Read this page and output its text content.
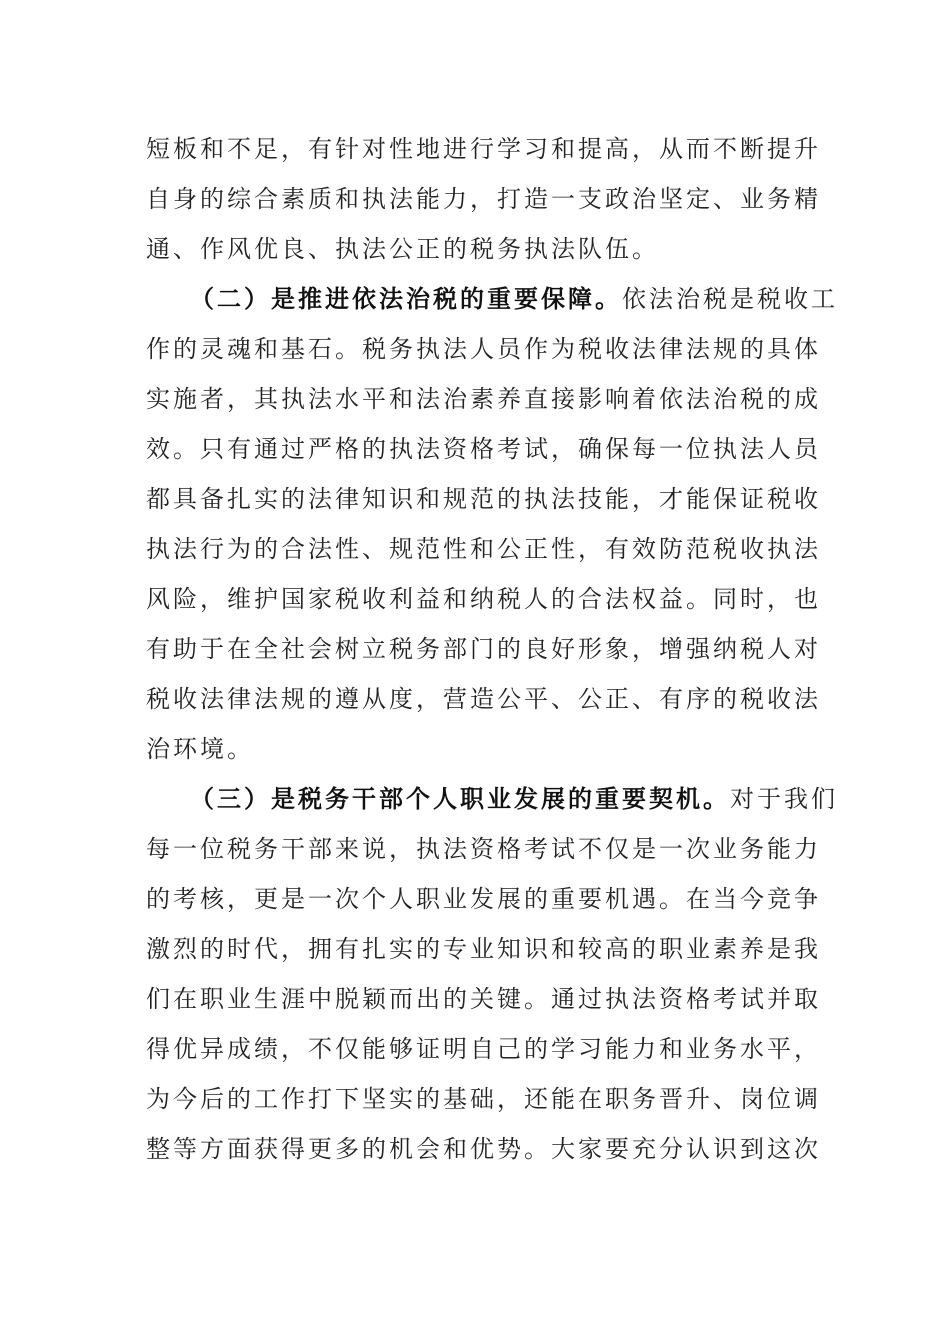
短板和不足，有针对性地进行学习和提高，从而不断提升
自身的综合素质和执法能力，打造一支政治坚定、业务精
通、作风优良、执法公正的税务执法队伍。
（二）是推进依法治税的重要保障。依法治税是税收工
作的灵魂和基石。税务执法人员作为税收法律法规的具体
实施者，其执法水平和法治素养直接影响着依法治税的成
效。只有通过严格的执法资格考试，确保每一位执法人员
都具备扎实的法律知识和规范的执法技能，才能保证税收
执法行为的合法性、规范性和公正性，有效防范税收执法
风险，维护国家税收利益和纳税人的合法权益。同时，也
有助于在全社会树立税务部门的良好形象，增强纳税人对
税收法律法规的遵从度，营造公平、公正、有序的税收法
治环境。
（三）是税务干部个人职业发展的重要契机。对于我们
每一位税务干部来说，执法资格考试不仅是一次业务能力
的考核，更是一次个人职业发展的重要机遇。在当今竞争
激烈的时代，拥有扎实的专业知识和较高的职业素养是我
们在职业生涯中脱颖而出的关键。通过执法资格考试并取
得优异成绩，不仅能够证明自己的学习能力和业务水平，
为今后的工作打下坚实的基础，还能在职务晋升、岗位调
整等方面获得更多的机会和优势。大家要充分认识到这次
